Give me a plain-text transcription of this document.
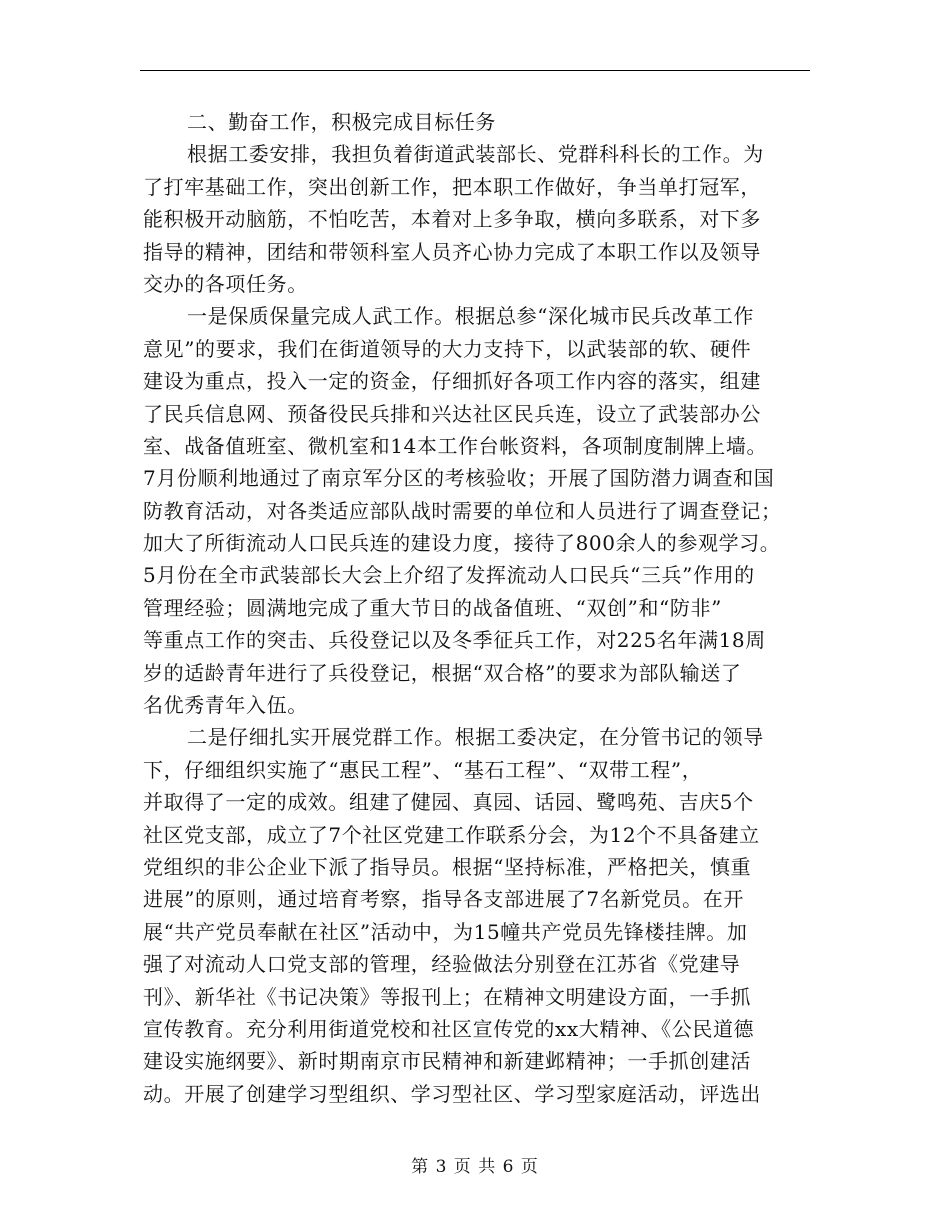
二、勤奋工作，积极完成目标任务
根据工委安排，我担负着街道武装部长、党群科科长的工作。为
了打牢基础工作，突出创新工作，把本职工作做好，争当单打冠军，
能积极开动脑筋，不怕吃苦，本着对上多争取，横向多联系，对下多
指导的精神，团结和带领科室人员齐心协力完成了本职工作以及领导
交办的各项任务。
一是保质保量完成人武工作。根据总参“深化城市民兵改革工作
意见”的要求，我们在街道领导的大力支持下，以武装部的软、硬件
建设为重点，投入一定的资金，仔细抓好各项工作内容的落实，组建
了民兵信息网、预备役民兵排和兴达社区民兵连，设立了武装部办公
室、战备值班室、微机室和14本工作台帐资料，各项制度制牌上墙。
7月份顺利地通过了南京军分区的考核验收；开展了国防潜力调查和国
防教育活动，对各类适应部队战时需要的单位和人员进行了调查登记；
加大了所街流动人口民兵连的建设力度，接待了800余人的参观学习。
5月份在全市武装部长大会上介绍了发挥流动人口民兵“三兵”作用的
管理经验；圆满地完成了重大节日的战备值班、“双创”和“防非”
等重点工作的突击、兵役登记以及冬季征兵工作，对225名年满18周
岁的适龄青年进行了兵役登记，根据“双合格”的要求为部队输送了
名优秀青年入伍。
二是仔细扎实开展党群工作。根据工委决定，在分管书记的领导
下，仔细组织实施了“惠民工程”、“基石工程”、“双带工程”，
并取得了一定的成效。组建了健园、真园、话园、鹭鸣苑、吉庆5个
社区党支部，成立了7个社区党建工作联系分会，为12个不具备建立
党组织的非公企业下派了指导员。根据“坚持标准，严格把关，慎重
进展”的原则，通过培育考察，指导各支部进展了7名新党员。在开
展“共产党员奉献在社区”活动中，为15幢共产党员先锋楼挂牌。加
强了对流动人口党支部的管理，经验做法分别登在江苏省《党建导
刊》、新华社《书记决策》等报刊上；在精神文明建设方面，一手抓
宣传教育。充分利用街道党校和社区宣传党的xx大精神、《公民道德
建设实施纲要》、新时期南京市民精神和新建邺精神；一手抓创建活
动。开展了创建学习型组织、学习型社区、学习型家庭活动，评选出
第 3 页 共 6 页
